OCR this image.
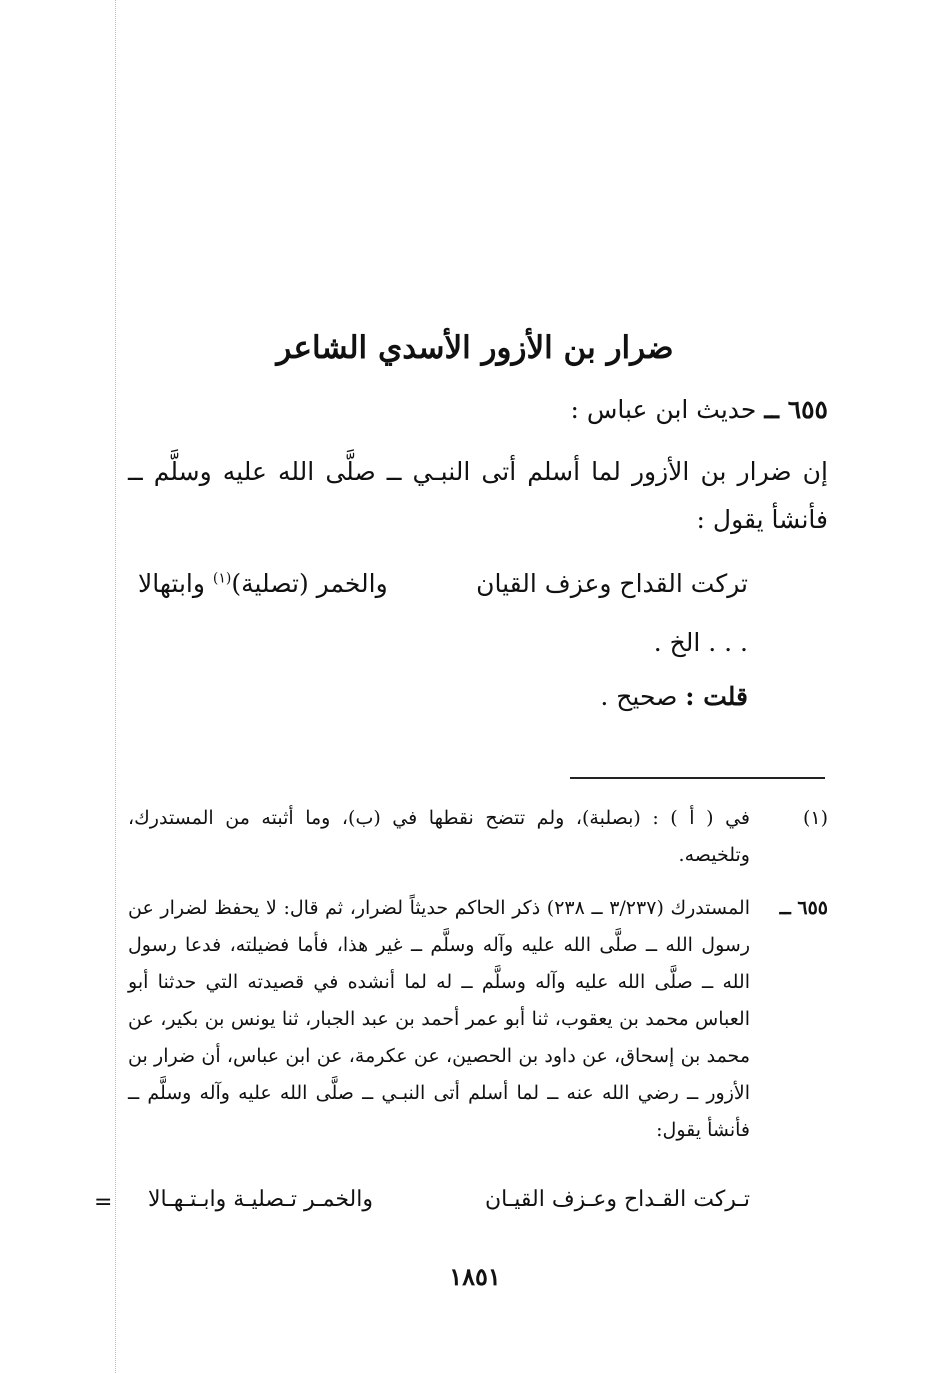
ضرار بن الأزور الأسدي الشاعر
٦٥٥ ــ حديث ابن عباس :
إن ضرار بن الأزور لما أسلم أتى النبـي ــ صلَّى الله عليه وسلَّم ــ فأنشأ يقول :
تركت القداح وعزف القيان
والخمر (تصلية)$^{(١)}$ وابتهالا
. . . الخ .
قلت : صحيح .
(١)
في ( أ ) : (بصلبة)، ولم تتضح نقطها في (ب)، وما أثبته من المستدرك، وتلخيصه.
٦٥٥ ــ
المستدرك (٣/٢٣٧ ــ ٢٣٨) ذكر الحاكم حديثاً لضرار، ثم قال: لا يحفظ لضرار عن رسول الله ــ صلَّى الله عليه وآله وسلَّم ــ غير هذا، فأما فضيلته، فدعا رسول الله ــ صلَّى الله عليه وآله وسلَّم ــ له لما أنشده في قصيدته التي حدثنا أبو العباس محمد بن يعقوب، ثنا أبو عمر أحمد بن عبد الجبار، ثنا يونس بن بكير، عن محمد بن إسحاق، عن داود بن الحصين، عن عكرمة، عن ابن عباس، أن ضرار بن الأزور ــ رضي الله عنه ــ لما أسلم أتى النبـي ــ صلَّى الله عليه وآله وسلَّم ــ فأنشأ يقول:
تـركت القـداح وعـزف القيـان
والخمـر تـصليـة وابـتـهـالا
=
١٨٥١
